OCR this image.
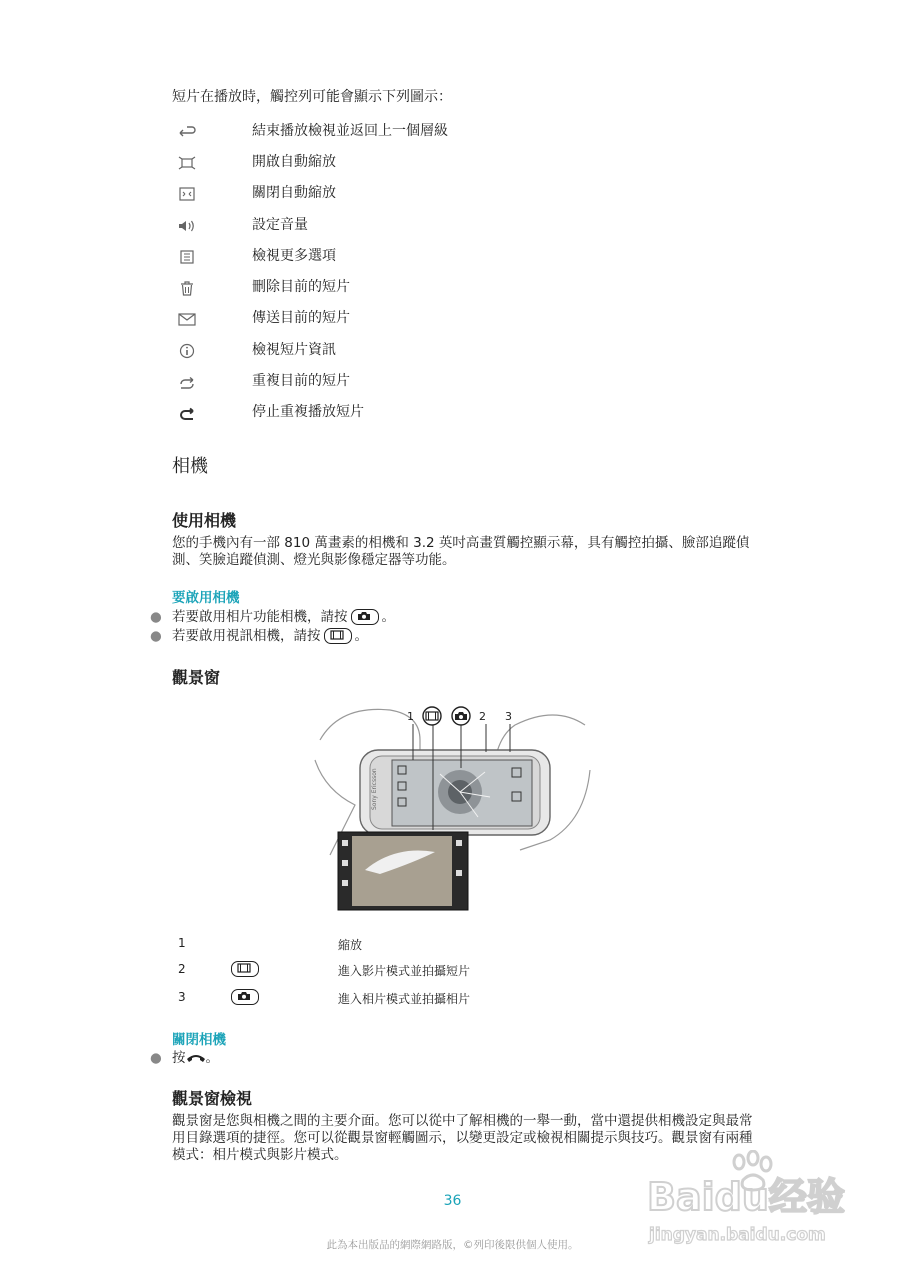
短片在播放時，觸控列可能會顯示下列圖示：
結束播放檢視並返回上一個層級
開啟自動縮放
關閉自動縮放
設定音量
檢視更多選項
刪除目前的短片
傳送目前的短片
檢視短片資訊
重複目前的短片
停止重複播放短片
相機
使用相機
您的手機內有一部 810 萬畫素的相機和 3.2 英吋高畫質觸控顯示幕，具有觸控拍攝、臉部追蹤偵測、笑臉追蹤偵測、燈光與影像穩定器等功能。
要啟用相機
● 若要啟用相片功能相機，請按	。
● 若要啟用視訊相機，請按	。
觀景窗
Sony Ericsson
1	2 3
1	縮放
2	進入影片模式並拍攝短片
3	進入相片模式並拍攝相片
關閉相機
● 按 。
觀景窗檢視
觀景窗是您與相機之間的主要介面。您可以從中了解相機的一舉一動，當中還提供相機設定與最常用目錄選項的捷徑。您可以從觀景窗輕觸圖示，以變更設定或檢視相關提示與技巧。觀景窗有兩種模式：相片模式與影片模式。
36
此為本出版品的網際網路版，©列印後限供個人使用。
Baidu经验
jingyan.baidu.com
